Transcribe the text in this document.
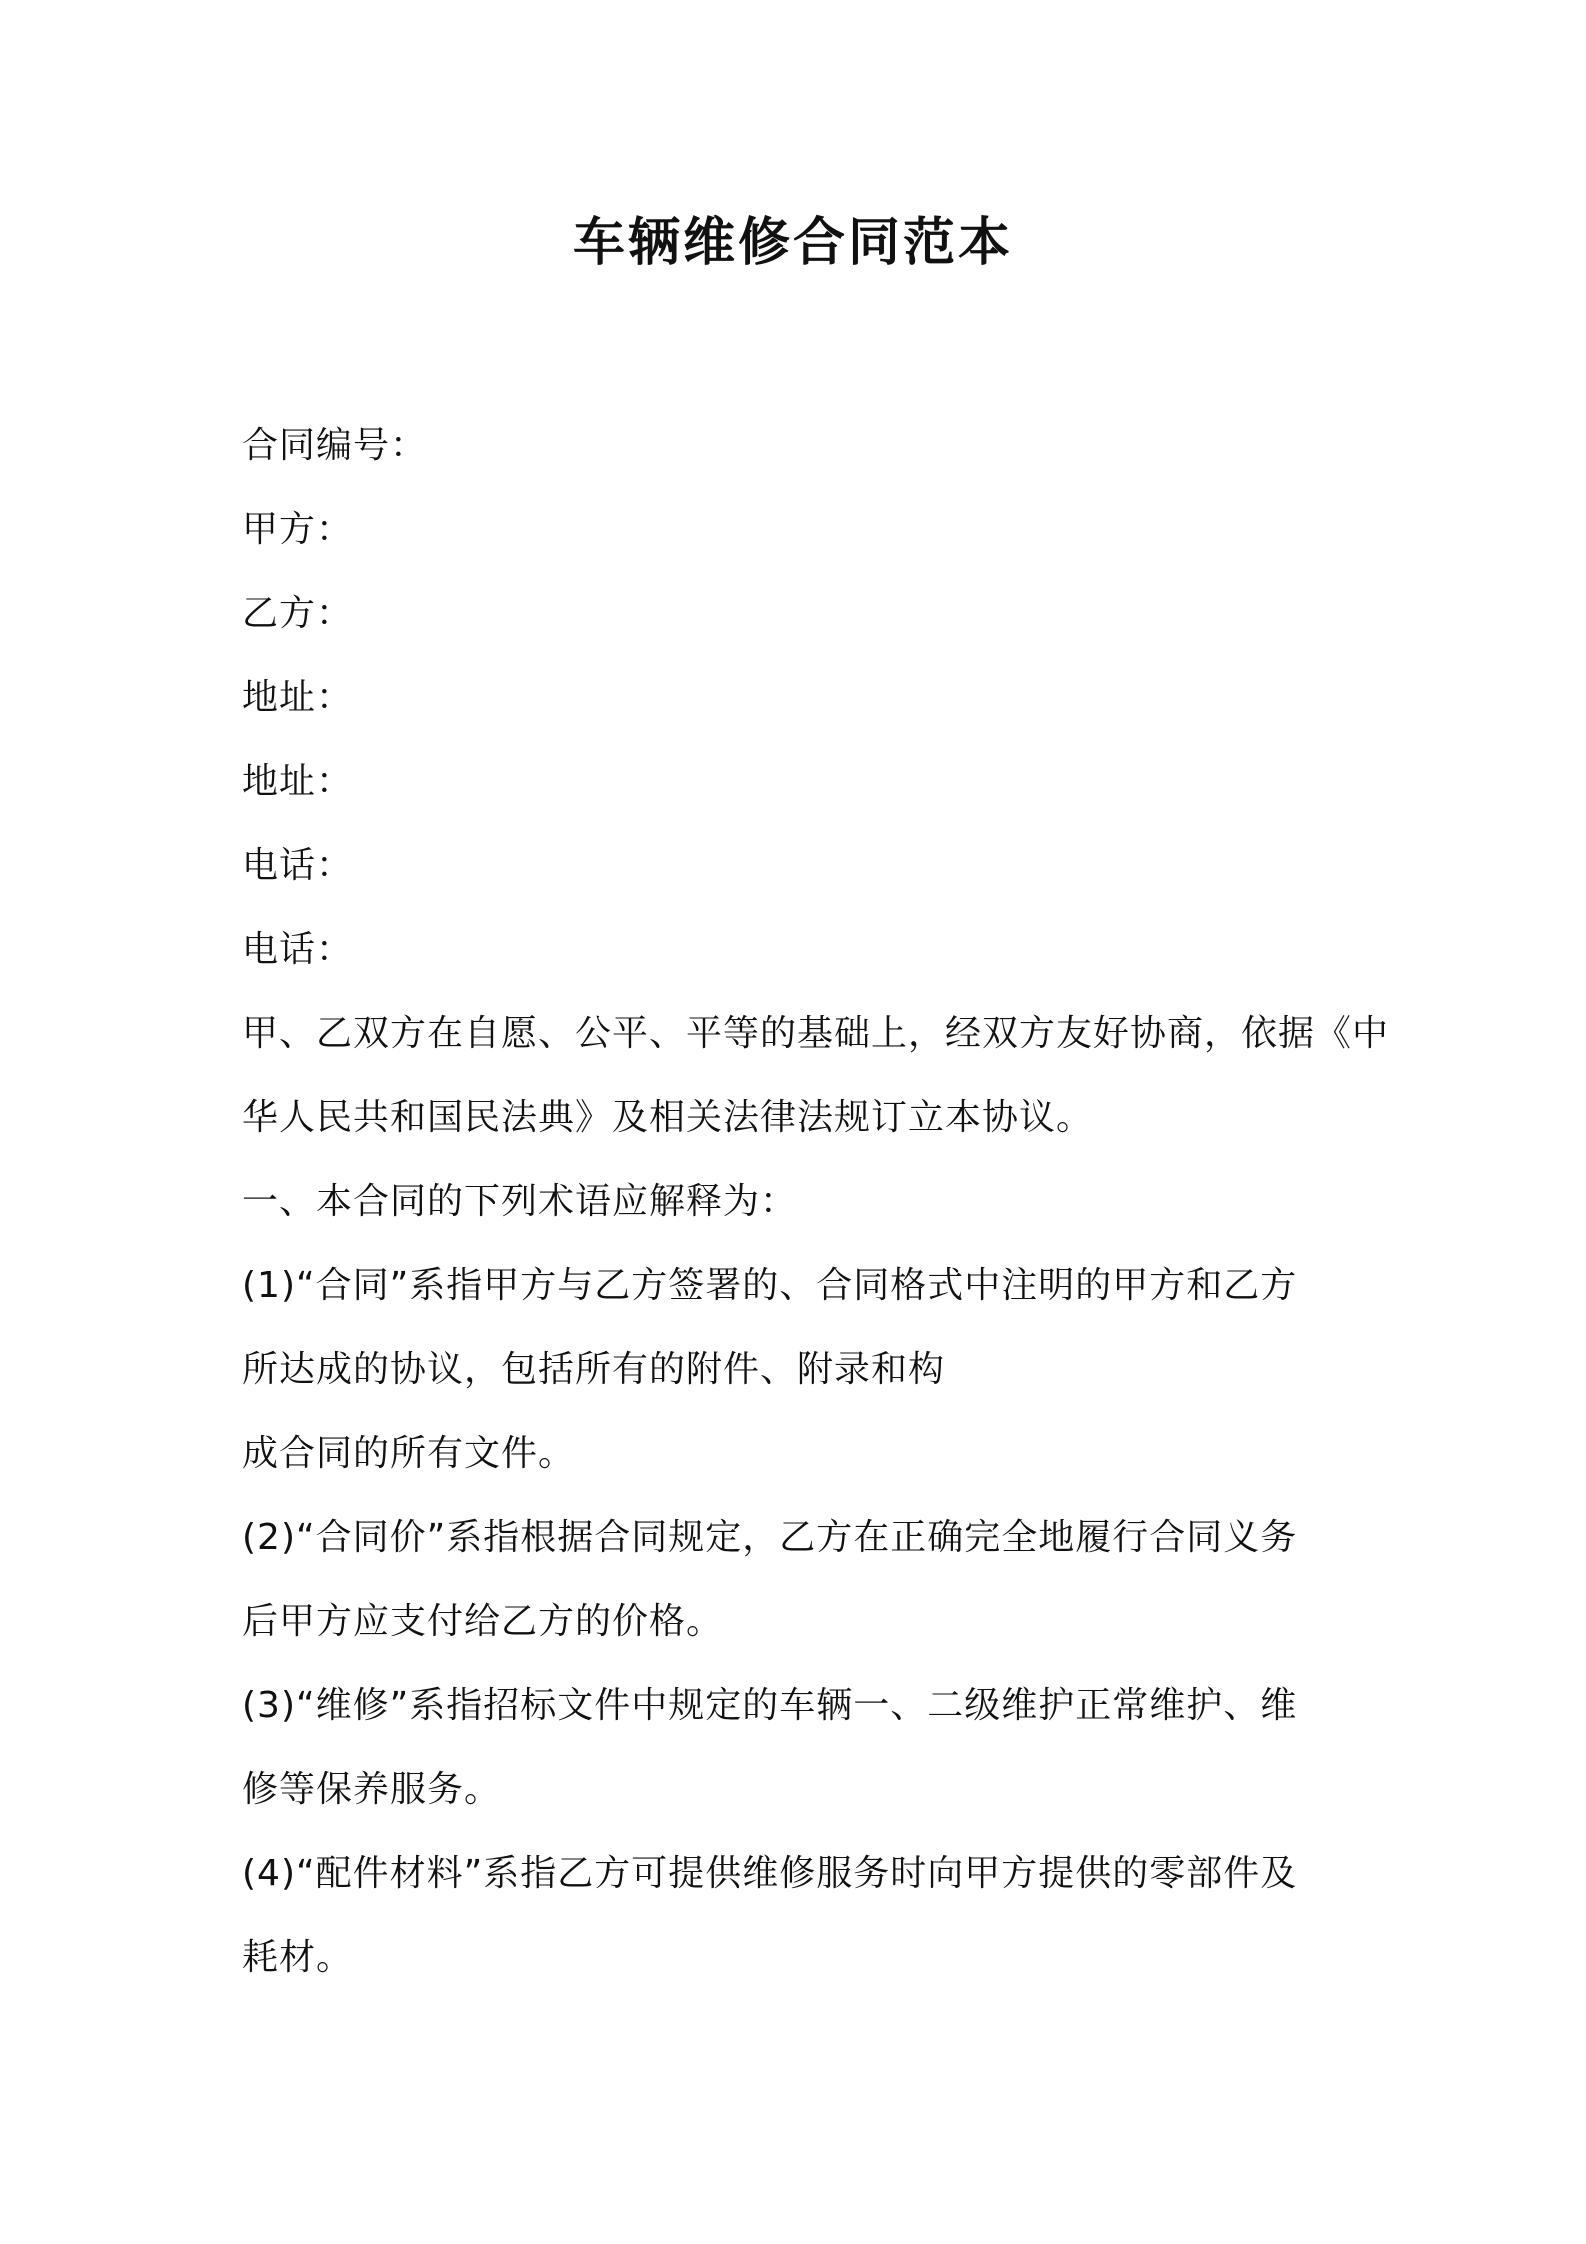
车辆维修合同范本
合同编号：
甲方：
乙方：
地址：
地址：
电话：
电话：
甲、乙双方在自愿、公平、平等的基础上，经双方友好协商，依据《中
华人民共和国民法典》及相关法律法规订立本协议。
一、本合同的下列术语应解释为：
(1)“合同”系指甲方与乙方签署的、合同格式中注明的甲方和乙方
所达成的协议，包括所有的附件、附录和构
成合同的所有文件。
(2)“合同价”系指根据合同规定，乙方在正确完全地履行合同义务
后甲方应支付给乙方的价格。
(3)“维修”系指招标文件中规定的车辆一、二级维护正常维护、维
修等保养服务。
(4)“配件材料”系指乙方可提供维修服务时向甲方提供的零部件及
耗材。
